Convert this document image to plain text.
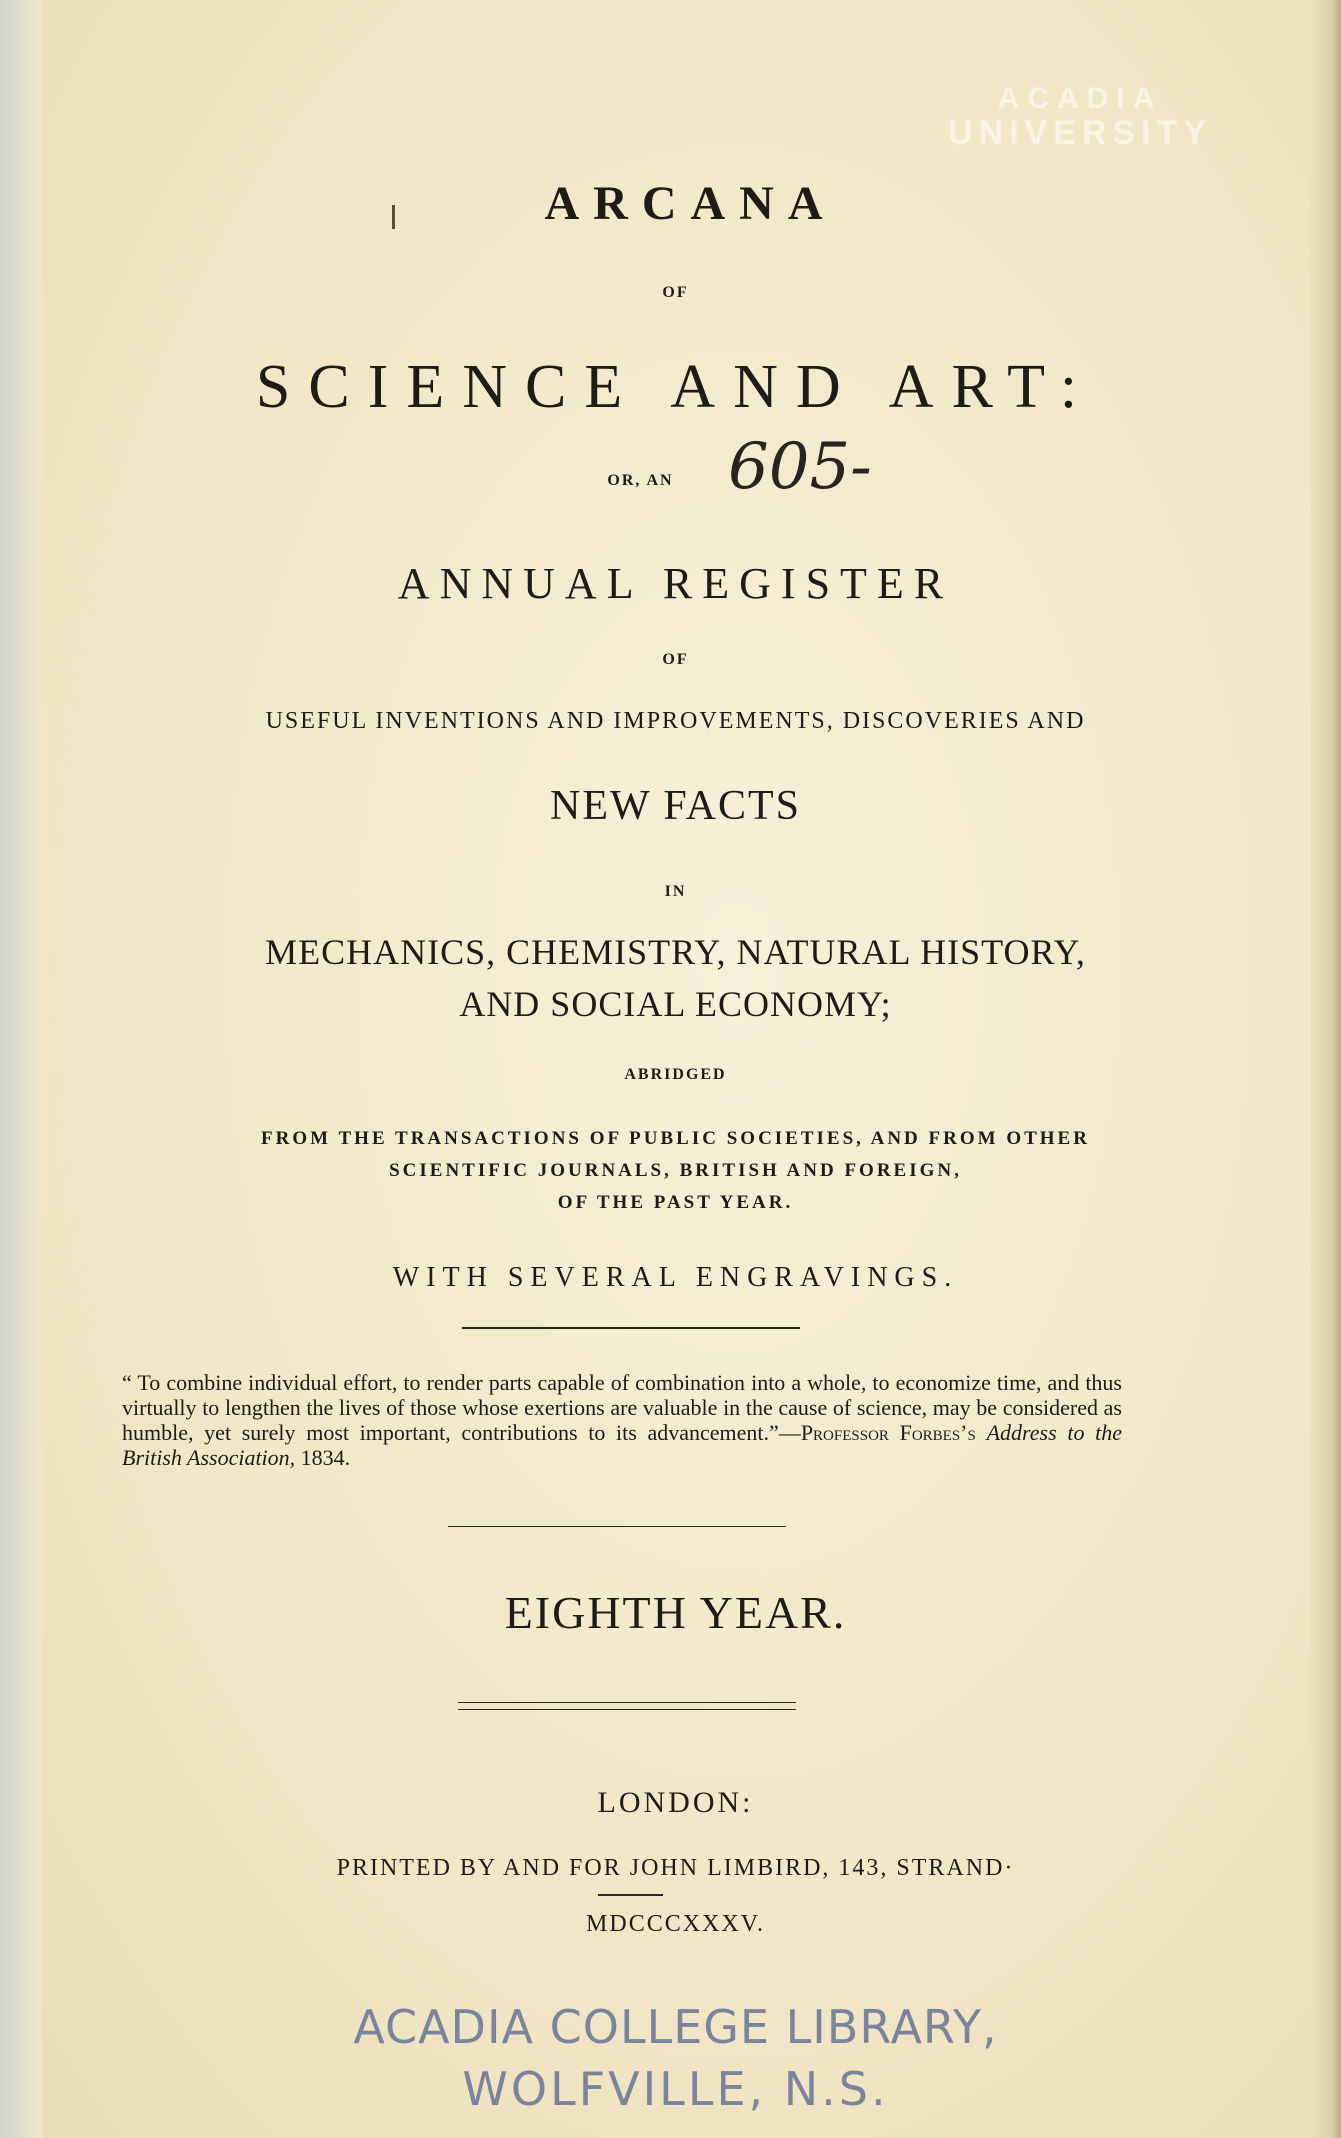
ACADIA
UNIVERSITY

ARCANA

OF

SCIENCE AND ART:

OR, AN 605-

ANNUAL REGISTER

OF

USEFUL INVENTIONS AND IMPROVEMENTS, DISCOVERIES AND

NEW FACTS

IN

MECHANICS, CHEMISTRY, NATURAL HISTORY,

AND SOCIAL ECONOMY;

ABRIDGED

FROM THE TRANSACTIONS OF PUBLIC SOCIETIES, AND FROM OTHER

SCIENTIFIC JOURNALS, BRITISH AND FOREIGN,

OF THE PAST YEAR.

WITH SEVERAL ENGRAVINGS.

“ To combine individual effort, to render parts capable of combination into a whole, to economize time, and thus virtually to lengthen the lives of those whose exertions are valuable in the cause of science, may be considered as humble, yet surely most important, contributions to its advancement.”—Professor Forbes’s Address to the British Association, 1834.

EIGHTH YEAR.

LONDON:

PRINTED BY AND FOR JOHN LIMBIRD, 143, STRAND·

MDCCCXXXV.

ACADIA COLLEGE LIBRARY,

WOLFVILLE, N.S.
